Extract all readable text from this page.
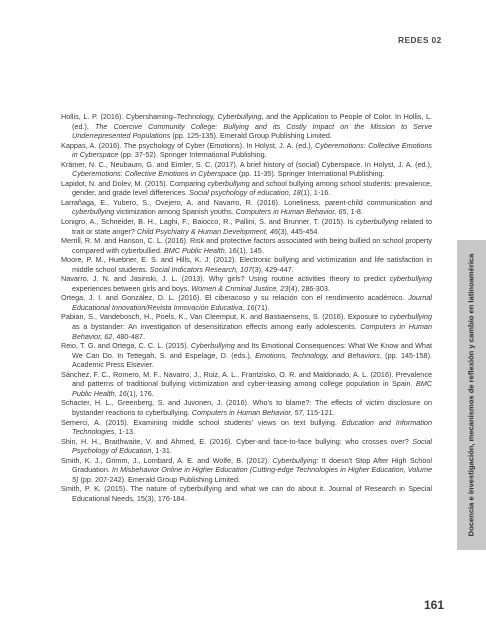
REDES 02

Hollis, L. P. (2016). Cybershaming–Technology, Cyberbullying, and the Application to People of Color. In Hollis, L. (ed.), The Coercive Community College: Bullying and its Costly Impact on the Mission to Serve Underrepresented Populations (pp. 125-135). Emerald Group Publishing Limited.

Kappas, A. (2016). The psychology of Cyber (Emotions). In Holyst, J. A. (ed.), Cyberemotions: Collective Emotions in Cyberspace (pp. 37-52). Springer International Publishing.

Krämer, N. C., Neubaum, G. and Eimler, S. C. (2017). A brief history of (social) Cyberspace. In Holyst, J. A. (ed.), Cyberemotions: Collective Emotions in Cyberspace (pp. 11-35). Springer International Publishing.

Lapidot, N. and Dolev, M. (2015). Comparing cyberbullying and school bullying among school students: prevalence, gender, and grade level differences. Social psychology of education, 18(1), 1-16.

Larrañaga, E., Yubero, S., Ovejero, A. and Navarro, R. (2016). Loneliness, parent-child communication and cyberbullying victimization among Spanish youths. Computers in Human Behavior, 65, 1-8.

Lonigro, A., Schneider, B. H., Laghi, F., Baiocco, R., Pallini, S. and Brunner, T. (2015). Is cyberbullying related to trait or state anger? Child Psychiatry & Human Development, 46(3), 445-454.

Merrill, R. M. and Hanson, C. L. (2016). Risk and protective factors associated with being bullied on school property compared with cyberbullied. BMC Public Health, 16(1), 145.

Moore, P. M., Huebner, E. S. and Hills, K. J. (2012). Electronic bullying and victimization and life satisfaction in middle school students. Social Indicators Research, 107(3), 429-447.

Navarro, J. N. and Jasinski, J. L. (2013). Why girls? Using routine activities theory to predict cyberbullying experiences between girls and boys. Women & Criminal Justice, 23(4), 286-303.

Ortega, J. I. and González, D. L. (2016). El ciberacoso y su relación con el rendimiento académico. Journal Educational Innovation/Revista Innovación Educativa, 16(71).

Pabian, S., Vandebosch, H., Poels, K., Van Cleemput, K. and Bastiaensens, S. (2016). Exposure to cyberbullying as a bystander: An investigation of desensitization effects among early adolescents. Computers in Human Behavior, 62, 480-487.

Reio, T. G. and Ortega, C. C. L. (2015). Cyberbullying and Its Emotional Consequences: What We Know and What We Can Do. In Tettegah, S. and Espelage, D. (eds.), Emotions, Technology, and Behaviors, (pp. 145-158). Academic Press Elsevier.

Sánchez, F. C., Romero, M. F., Navarro, J., Ruiz, A. L., Frantzisko, O. R. and Maldonado, A. L. (2016). Prevalence and patterns of traditional bullying victimization and cyber-teasing among college population in Spain. BMC Public Health, 16(1), 176.

Schacter, H. L., Greenberg, S. and Juvonen, J. (2016). Who's to blame?: The effects of victim disclosure on bystander reactions to cyberbullying. Computers in Human Behavior, 57, 115-121.

Semerci, A. (2015). Examining middle school students' views on text bullying. Education and Information Technologies, 1-13.

Shin, H. H., Braithwaite, V. and Ahmed, E. (2016). Cyber-and face-to-face bullying: who crosses over? Social Psychology of Education, 1-31.

Smith, K. J., Grimm, J., Lombard, A. E. and Wolfe, B. (2012). Cyberbullying: It doesn't Stop After High School Graduation. In Misbehavior Online in Higher Education (Cutting-edge Technologies in Higher Education, Volume 5) (pp. 207-242). Emerald Group Publishing Limited.

Smith, P. K. (2015). The nature of cyberbullying and what we can do about it. Journal of Research in Special Educational Needs, 15(3), 176-184.	Docencia e investigación, mecanismos de reflexión y cambio en latinoamérica
161
